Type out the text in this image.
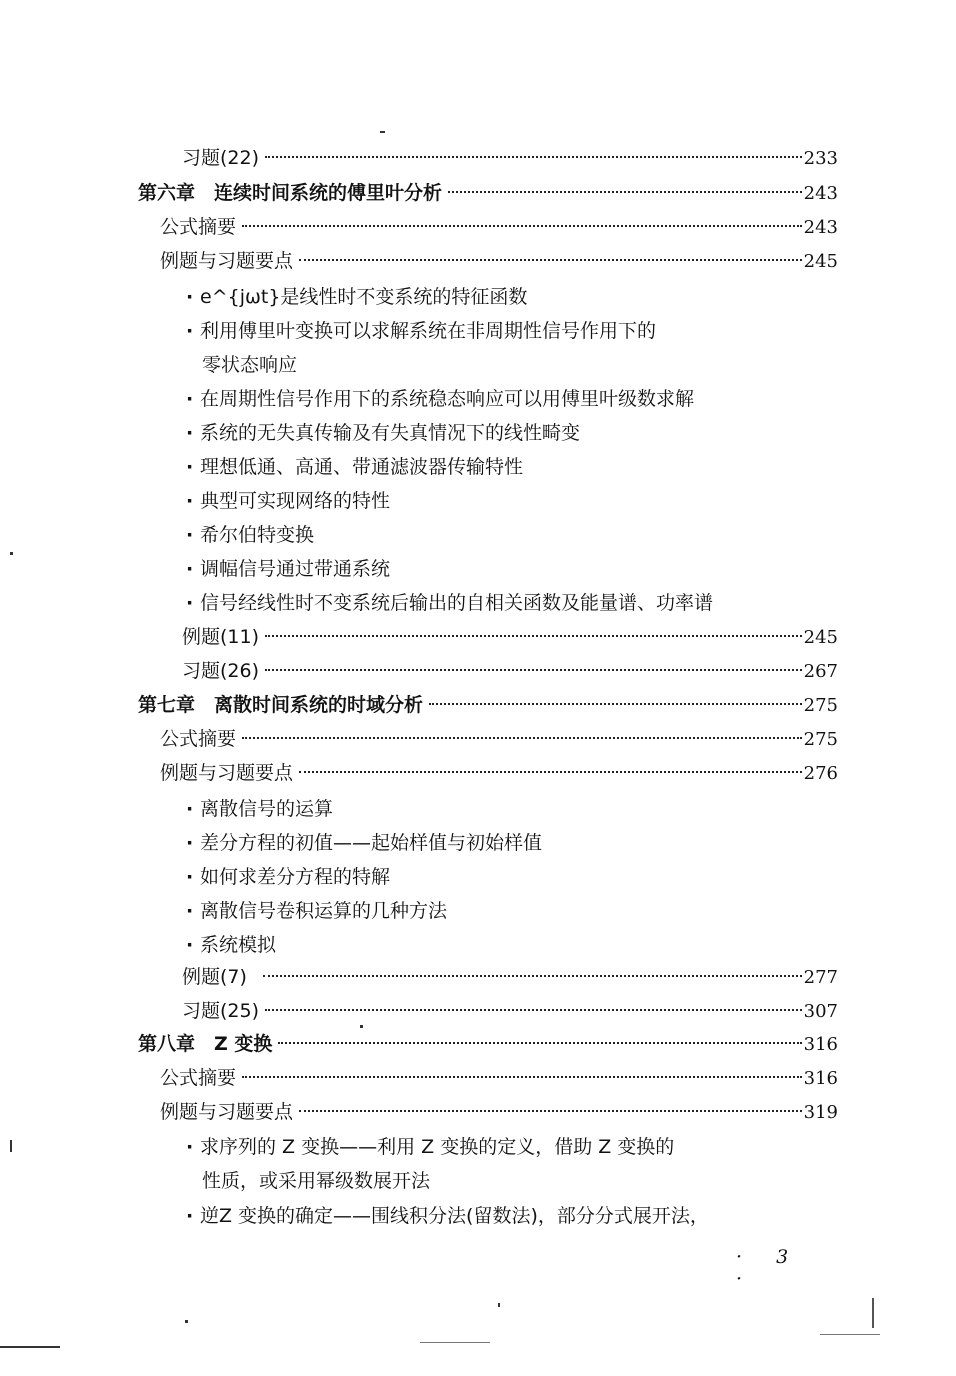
习题(22)	233
第六章　连续时间系统的傅里叶分析	243
公式摘要	243
例题与习题要点	245
· e^{jωt}是线性时不变系统的特征函数
· 利用傅里叶变换可以求解系统在非周期性信号作用下的
零状态响应
· 在周期性信号作用下的系统稳态响应可以用傅里叶级数求解
· 系统的无失真传输及有失真情况下的线性畸变
· 理想低通、高通、带通滤波器传输特性
· 典型可实现网络的特性
· 希尔伯特变换
· 调幅信号通过带通系统
· 信号经线性时不变系统后输出的自相关函数及能量谱、功率谱
例题(11)	245
习题(26)	267
第七章　离散时间系统的时域分析	275
公式摘要	275
例题与习题要点	276
· 离散信号的运算
· 差分方程的初值——起始样值与初始样值
· 如何求差分方程的特解
· 离散信号卷积运算的几种方法
· 系统模拟
例题(7)	277
习题(25)	307
第八章　Z 变换	316
公式摘要	316
例题与习题要点	319
· 求序列的 Z 变换——利用 Z 变换的定义，借助 Z 变换的
性质，或采用幂级数展开法
· 逆Z 变换的确定——围线积分法(留数法)，部分分式展开法，
· 3 ·
